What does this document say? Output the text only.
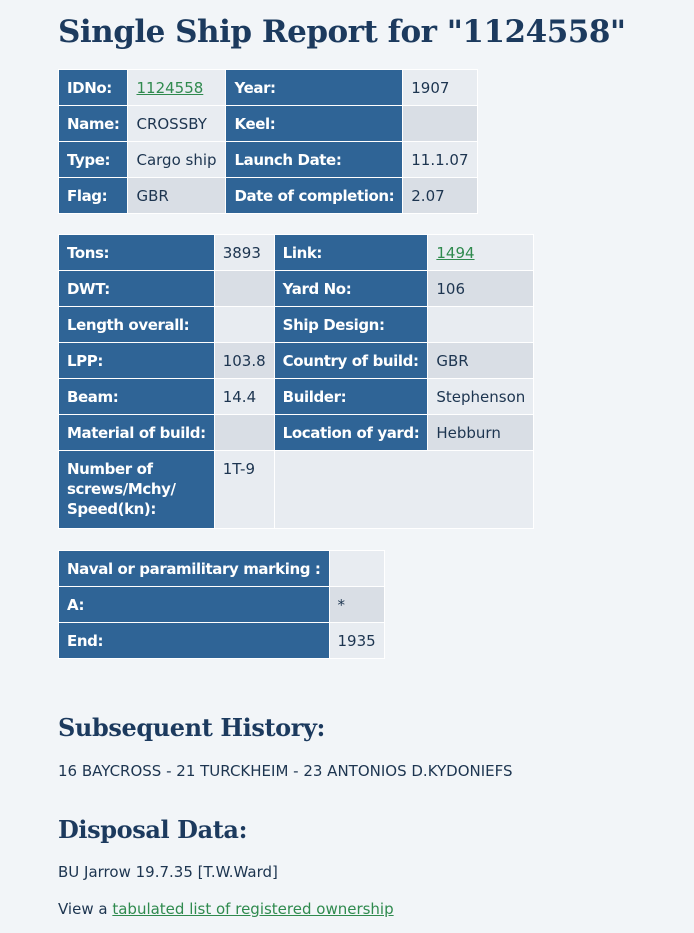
Single Ship Report for "1124558"
IDNo:	1124558	Year:	1907
Name:	CROSSBY	Keel:	
Type:	Cargo ship	Launch Date:	11.1.07
Flag:	GBR	Date of completion:	2.07
Tons:	3893	Link:	1494
DWT:		Yard No:	106
Length overall:		Ship Design:	
LPP:	103.8	Country of build:	GBR
Beam:	14.4	Builder:	Stephenson
Material of build:		Location of yard:	Hebburn
Number of screws/Mchy/ Speed(kn):	1T-9		
Naval or paramilitary marking :	
A:	*
End:	1935
Subsequent History:

16 BAYCROSS - 21 TURCKHEIM - 23 ANTONIOS D.KYDONIEFS

Disposal Data:

BU Jarrow 19.7.35 [T.W.Ward]

View a tabulated list of registered ownership
